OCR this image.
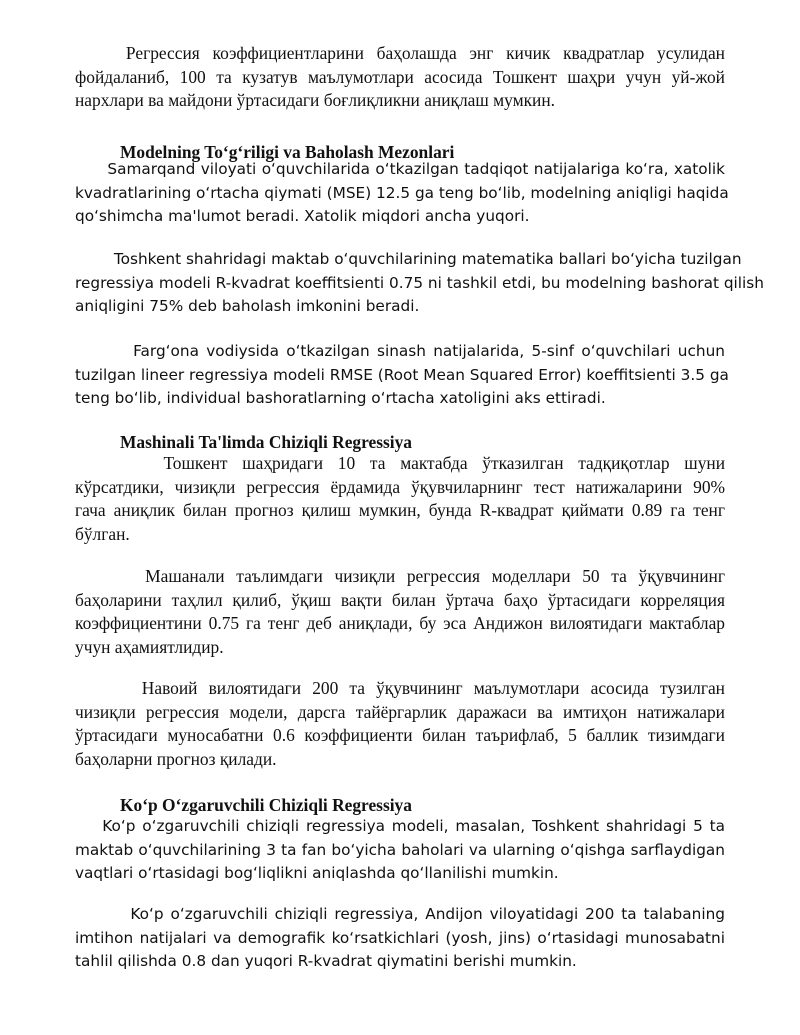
Регрессия коэффициентларини баҳолашда энг кичик квадратлар усулидан
фойдаланиб, 100 та кузатув маълумотлари асосида Тошкент шаҳри учун уй-жой
нархлари ва майдони ўртасидаги боғлиқликни аниқлаш мумкин.

Modelning Toʻgʻriligi va Baholash Mezonlari

Samarqand viloyati oʻquvchilarida oʻtkazilgan tadqiqot natijalariga koʻra, xatolik
kvadratlarining oʻrtacha qiymati (MSE) 12.5 ga teng boʻlib, modelning aniqligi haqida
qoʻshimcha ma'lumot beradi. Xatolik miqdori ancha yuqori.

Toshkent shahridagi maktab oʻquvchilarining matematika ballari boʻyicha tuzilgan
regressiya modeli R-kvadrat koeffitsienti 0.75 ni tashkil etdi, bu modelning bashorat qilish
aniqligini 75% deb baholash imkonini beradi.

Fargʻona vodiysida oʻtkazilgan sinash natijalarida, 5-sinf oʻquvchilari uchun
tuzilgan lineer regressiya modeli RMSE (Root Mean Squared Error) koeffitsienti 3.5 ga
teng boʻlib, individual bashoratlarning oʻrtacha xatoligini aks ettiradi.

Mashinali Ta'limda Chiziqli Regressiya

Тошкент шаҳридаги 10 та мактабда ўтказилган тадқиқотлар шуни
кўрсатдики, чизиқли регрессия ёрдамида ўқувчиларнинг тест натижаларини 90%
гача аниқлик билан прогноз қилиш мумкин, бунда R-квадрат қиймати 0.89 га тенг
бўлган.

Машанали таълимдаги чизиқли регрессия моделлари 50 та ўқувчининг
баҳоларини таҳлил қилиб, ўқиш вақти билан ўртача баҳо ўртасидаги корреляция
коэффициентини 0.75 га тенг деб аниқлади, бу эса Андижон вилоятидаги мактаблар
учун аҳамиятлидир.

Навоий вилоятидаги 200 та ўқувчининг маълумотлари асосида тузилган
чизиқли регрессия модели, дарсга тайёргарлик даражаси ва имтиҳон натижалари
ўртасидаги муносабатни 0.6 коэффициенти билан таърифлаб, 5 баллик тизимдаги
баҳоларни прогноз қилади.

Koʻp Oʻzgaruvchili Chiziqli Regressiya

Koʻp oʻzgaruvchili chiziqli regressiya modeli, masalan, Toshkent shahridagi 5 ta
maktab oʻquvchilarining 3 ta fan boʻyicha baholari va ularning oʻqishga sarflaydigan
vaqtlari oʻrtasidagi bogʻliqlikni aniqlashda qoʻllanilishi mumkin.

Koʻp oʻzgaruvchili chiziqli regressiya, Andijon viloyatidagi 200 ta talabaning
imtihon natijalari va demografik koʻrsatkichlari (yosh, jins) oʻrtasidagi munosabatni
tahlil qilishda 0.8 dan yuqori R-kvadrat qiymatini berishi mumkin.
